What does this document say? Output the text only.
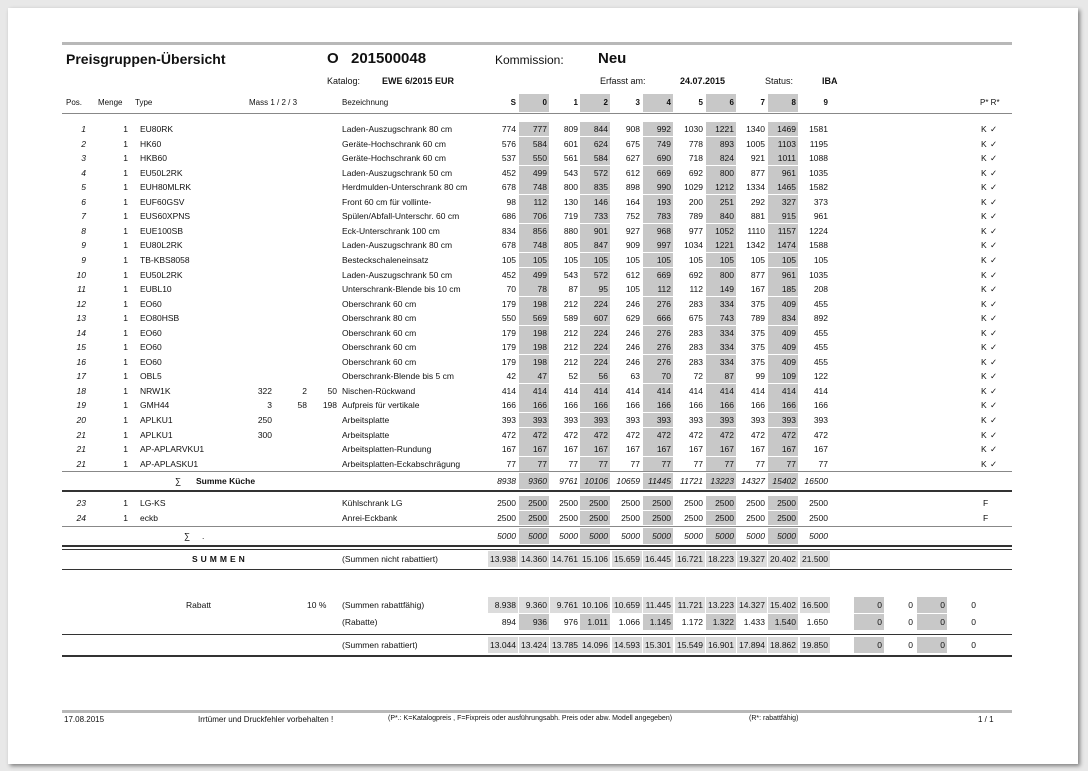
Preisgruppen-Übersicht	O 201500048	Kommission: Neu
Katalog: EWE 6/2015 EUR	Erfasst am:	24.07.2015	Status:	IBA
Pos. Menge Type	Mass 1 / 2 / 3	Bezeichnung	P* R*
S	0	1	2	3	4	5	6	7	8	9
1	1 EU80RK	Laden-Auszugschrank 80 cm	774	777	809	844	908	992	1030	1221	1340	1469	1581	K ✓
2	1 HK60	Geräte-Hochschrank 60 cm	576	584	601	624	675	749	778	893	1005	1103	1195	K ✓
3	1 HKB60	Geräte-Hochschrank 60 cm	537	550	561	584	627	690	718	824	921	1011	1088	K ✓
4	1 EU50L2RK	Laden-Auszugschrank 50 cm	452	499	543	572	612	669	692	800	877	961	1035	K ✓
5	1 EUH80MLRK	Herdmulden-Unterschrank 80 cm	678	748	800	835	898	990	1029	1212	1334	1465	1582	K ✓
6	1 EUF60GSV	Front 60 cm für vollinte-	98	112	130	146	164	193	200	251	292	327	373	K ✓
7	1 EUS60XPNS	Spülen/Abfall-Unterschr. 60 cm	686	706	719	733	752	783	789	840	881	915	961	K ✓
8	1 EUE100SB	Eck-Unterschrank 100 cm	834	856	880	901	927	968	977	1052	1110	1157	1224	K ✓
9	1 EU80L2RK	Laden-Auszugschrank 80 cm	678	748	805	847	909	997	1034	1221	1342	1474	1588	K ✓
9	1 TB-KBS8058	Besteckschaleneinsatz	105	105	105	105	105	105	105	105	105	105	105	K ✓
10	1 EU50L2RK	Laden-Auszugschrank 50 cm	452	499	543	572	612	669	692	800	877	961	1035	K ✓
11	1 EUBL10	Unterschrank-Blende bis 10 cm	70	78	87	95	105	112	112	149	167	185	208	K ✓
12	1 EO60	Oberschrank 60 cm	179	198	212	224	246	276	283	334	375	409	455	K ✓
13	1 EO80HSB	Oberschrank 80 cm	550	569	589	607	629	666	675	743	789	834	892	K ✓
14	1 EO60	Oberschrank 60 cm	179	198	212	224	246	276	283	334	375	409	455	K ✓
15	1 EO60	Oberschrank 60 cm	179	198	212	224	246	276	283	334	375	409	455	K ✓
16	1 EO60	Oberschrank 60 cm	179	198	212	224	246	276	283	334	375	409	455	K ✓
17	1 OBL5	Oberschrank-Blende bis 5 cm	42	47	52	56	63	70	72	87	99	109	122	K ✓
18	1 NRW1K	322	2	50 Nischen-Rückwand	414	414	414	414	414	414	414	414	414	414	414	K ✓
19	1 GMH44	3	58	198 Aufpreis für vertikale	166	166	166	166	166	166	166	166	166	166	166	K ✓
20	1 APLKU1	250	Arbeitsplatte	393	393	393	393	393	393	393	393	393	393	393	K ✓
21	1 APLKU1	300	Arbeitsplatte	472	472	472	472	472	472	472	472	472	472	472	K ✓
21	1 AP-APLARVKU1	Arbeitsplatten-Rundung	167	167	167	167	167	167	167	167	167	167	167	K ✓
21	1 AP-APLASKU1	Arbeitsplatten-Eckabschrägung	77	77	77	77	77	77	77	77	77	77	77	K ✓
23	1 LG-KS	Kühlschrank LG	2500	2500	2500	2500	2500	2500	2500	2500	2500	2500	2500	F
24	1 eckb	Anrei-Eckbank	2500	2500	2500	2500	2500	2500	2500	2500	2500	2500	2500	F
∑ Summe Küche	8938	9360	9761 10106 10659 11445	11721 13223 14327 15402 16500
∑ .	5000	5000	5000	5000	5000	5000	5000	5000	5000	5000	5000
SUMMEN	(Summen nicht rabattiert)	13.938 14.360 14.761 15.106 15.659 16.445 16.721 18.223 19.327 20.402 21.500
Rabatt	10 % (Summen rabattfähig)	8.938	9.360	9.761 10.106 10.659 11.445 11.721 13.223 14.327 15.402 16.500	0	0	0	0
(Rabatte)	894	936	976	1.011	1.066	1.145	1.172	1.322	1.433	1.540	1.650	0	0	0	0
(Summen rabattiert)	13.044 13.424 13.785 14.096 14.593 15.301 15.549 16.901 17.894 18.862 19.850	0	0	0	0
17.08.2015	Irrtümer und Druckfehler vorbehalten !	(P*.: K=Katalogpreis , F=Fixpreis oder ausführungsabh. Preis oder abw. Modell angegeben)	(R*: rabattfähig)	1 / 1
